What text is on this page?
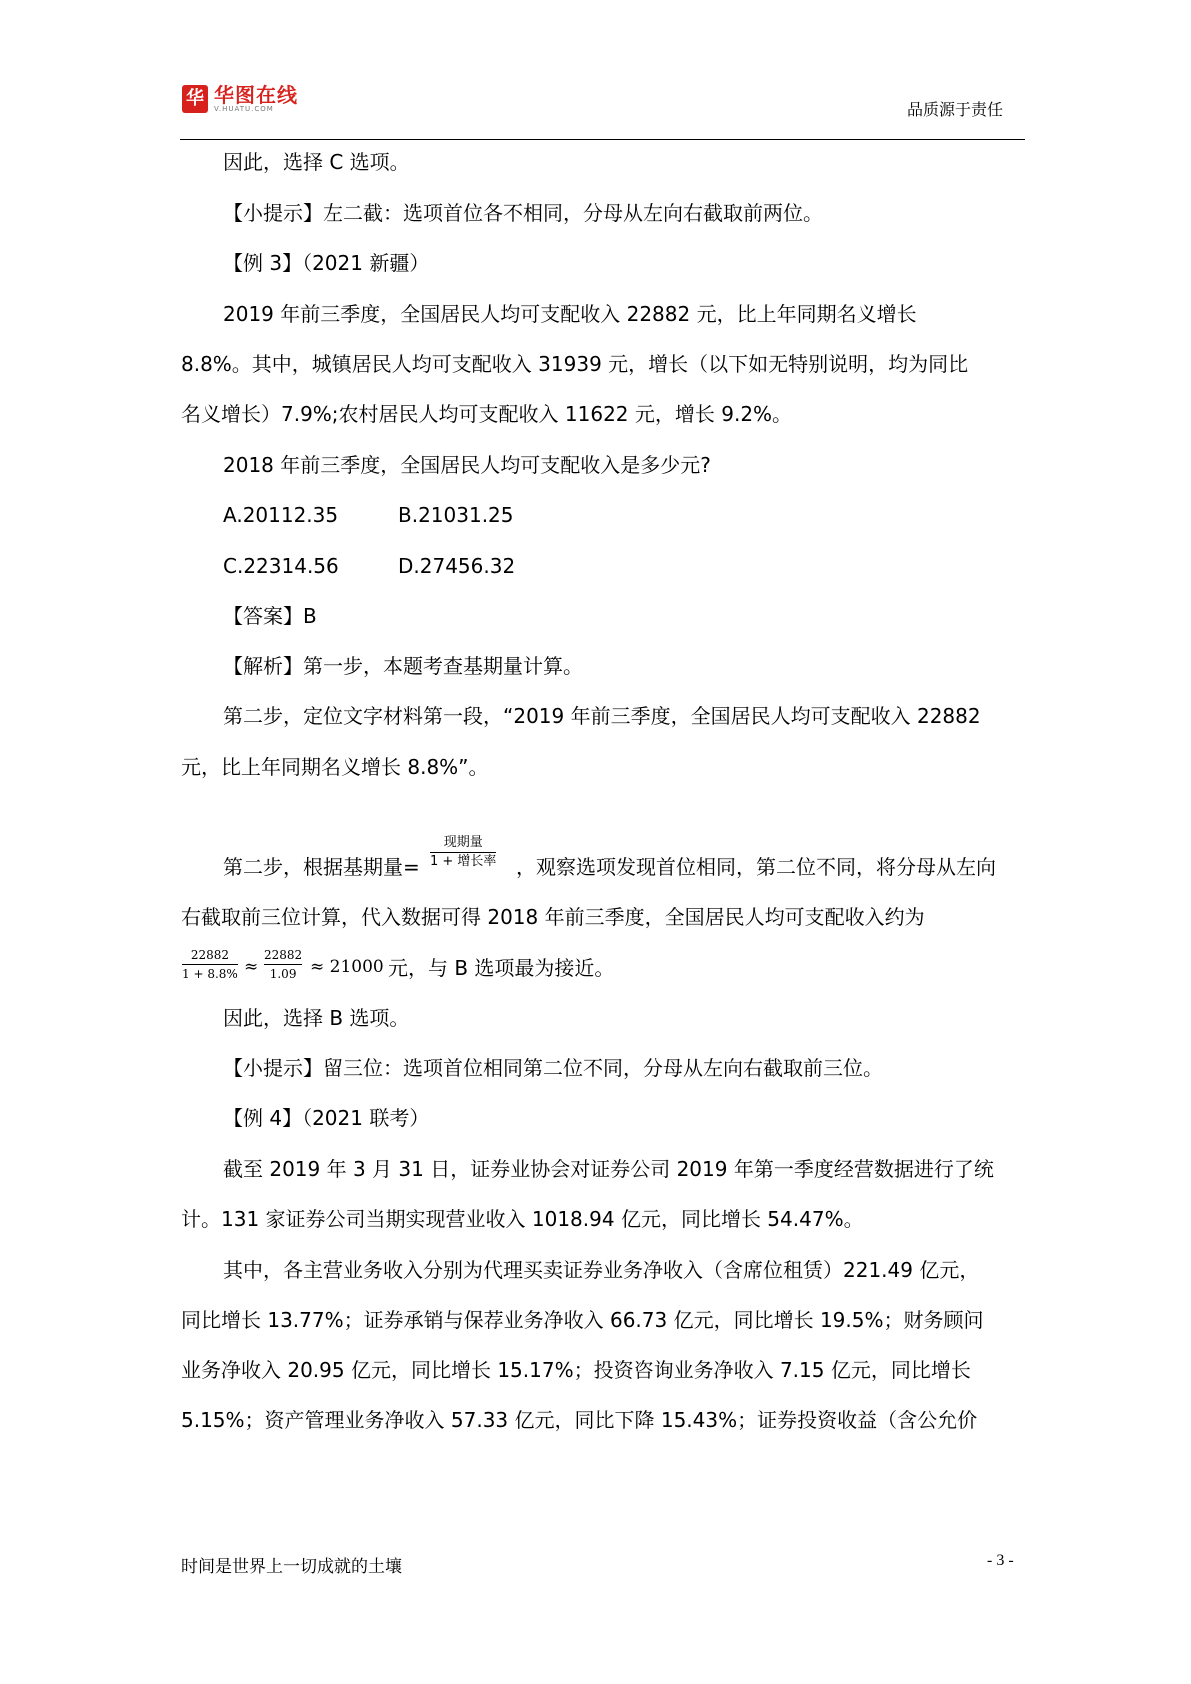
华 华图在线
V.HUATU.COM	品质源于责任
因此，选择 C 选项。
【小提示】左二截：选项首位各不相同，分母从左向右截取前两位。
【例 3】（2021 新疆）
2019 年前三季度，全国居民人均可支配收入 22882 元，比上年同期名义增长
8.8%。其中，城镇居民人均可支配收入 31939 元，增长（以下如无特别说明，均为同比
名义增长）7.9%;农村居民人均可支配收入 11622 元，增长 9.2%。
2018 年前三季度，全国居民人均可支配收入是多少元?
A.20112.35	B.21031.25
C.22314.56	D.27456.32
【答案】B
【解析】第一步，本题考查基期量计算。
第二步，定位文字材料第一段，“2019 年前三季度，全国居民人均可支配收入 22882
元，比上年同期名义增长 8.8%”。
第二步，根据基期量=
现期量
1 + 增长率 ，观察选项发现首位相同，第二位不同，将分母从左向
右截取前三位计算，代入数据可得 2018 年前三季度，全国居民人均可支配收入约为
22882
1 + 8.8% ≈
22882
1.09 ≈ 21000 元，与 B 选项最为接近。
因此，选择 B 选项。
【小提示】留三位：选项首位相同第二位不同，分母从左向右截取前三位。
【例 4】（2021 联考）
截至 2019 年 3 月 31 日，证券业协会对证券公司 2019 年第一季度经营数据进行了统
计。131 家证券公司当期实现营业收入 1018.94 亿元，同比增长 54.47%。
其中，各主营业务收入分别为代理买卖证券业务净收入（含席位租赁）221.49 亿元，
同比增长 13.77%；证券承销与保荐业务净收入 66.73 亿元，同比增长 19.5%；财务顾问
业务净收入 20.95 亿元，同比增长 15.17%；投资咨询业务净收入 7.15 亿元，同比增长
5.15%；资产管理业务净收入 57.33 亿元，同比下降 15.43%；证券投资收益（含公允价
时间是世界上一切成就的土壤	- 3 -
